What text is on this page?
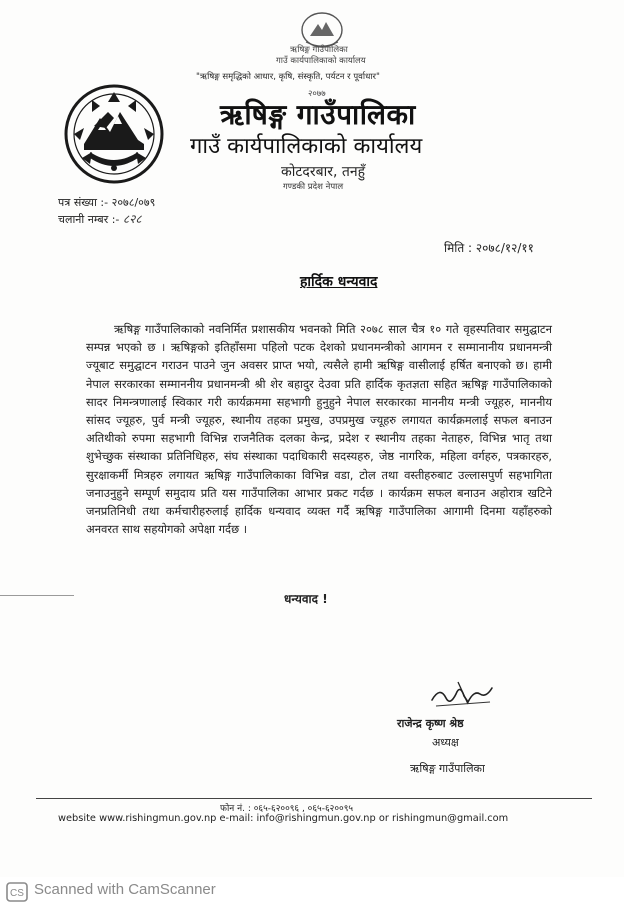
ऋषिङ्ग गाउँपालिका
गाउँ कार्यपालिकाको कार्यालय
२०७७
"ऋषिङ्ग समृद्धिको आधार, कृषि, संस्कृति, पर्यटन र पूर्वाधार"
ऋषिङ्ग गाउँपालिका
गाउँ कार्यपालिकाको कार्यालय
कोटदरबार, तनहुँ
गण्डकी प्रदेश नेपाल
पत्र संख्या :- २०७८/०७९
चलानी नम्बर :- ८२८
मिति : २०७८/१२/११
हार्दिक धन्यवाद

ऋषिङ्ग गाउँपालिकाको नवनिर्मित प्रशासकीय भवनको मिति २०७८ साल चैत्र १० गते वृहस्पतिवार समुद्घाटन सम्पन्न भएको छ । ऋषिङ्गको इतिहाँसमा पहिलो पटक देशको प्रधानमन्त्रीको आगमन र सम्मानानीय प्रधानमन्त्री ज्यूबाट समुद्घाटन गराउन पाउने जुन अवसर प्राप्त भयो, त्यसैले हामी ऋषिङ्ग वासीलाई हर्षित बनाएको छ। हामी नेपाल सरकारका सम्माननीय प्रधानमन्त्री श्री शेर बहादुर देउवा प्रति हार्दिक कृतज्ञता सहित ऋषिङ्ग गाउँपालिकाको सादर निमन्त्रणालाई स्विकार गरी कार्यक्रममा सहभागी हुनुहुने नेपाल सरकारका माननीय मन्त्री ज्यूहरु, माननीय सांसद ज्यूहरु, पुर्व मन्त्री ज्यूहरु, स्थानीय तहका प्रमुख, उपप्रमुख ज्यूहरु लगायत कार्यक्रमलाई सफल बनाउन अतिथीको रुपमा सहभागी विभिन्न राजनैतिक दलका केन्द्र, प्रदेश र स्थानीय तहका नेताहरु, विभिन्न भातृ तथा शुभेच्छुक संस्थाका प्रतिनिधिहरु, संघ संस्थाका पदाधिकारी सदस्यहरु, जेष्ठ नागरिक, महिला वर्गहरु, पत्रकारहरु, सुरक्षाकर्मी मित्रहरु लगायत ऋषिङ्ग गाउँपालिकाका विभिन्न वडा, टोल तथा वस्तीहरुबाट उल्लासपुर्ण सहभागिता जनाउनुहुने सम्पूर्ण समुदाय प्रति यस गाउँपालिका आभार प्रकट गर्दछ । कार्यक्रम सफल बनाउन अहोरात्र खटिने जनप्रतिनिधी तथा कर्मचारीहरुलाई हार्दिक धन्यवाद व्यक्त गर्दै ऋषिङ्ग गाउँपालिका आगामी दिनमा यहाँहरुको अनवरत साथ सहयोगको अपेक्षा गर्दछ ।

धन्यवाद !
राजेन्द्र कृष्ण श्रेष्ठ
अध्यक्ष
ऋषिङ्ग गाउँपालिका
फोन नं. : ०६५-६२००९६ , ०६५-६२००९५
website www.rishingmun.gov.np e-mail: info@rishingmun.gov.np or rishingmun@gmail.com
CS Scanned with CamScanner
